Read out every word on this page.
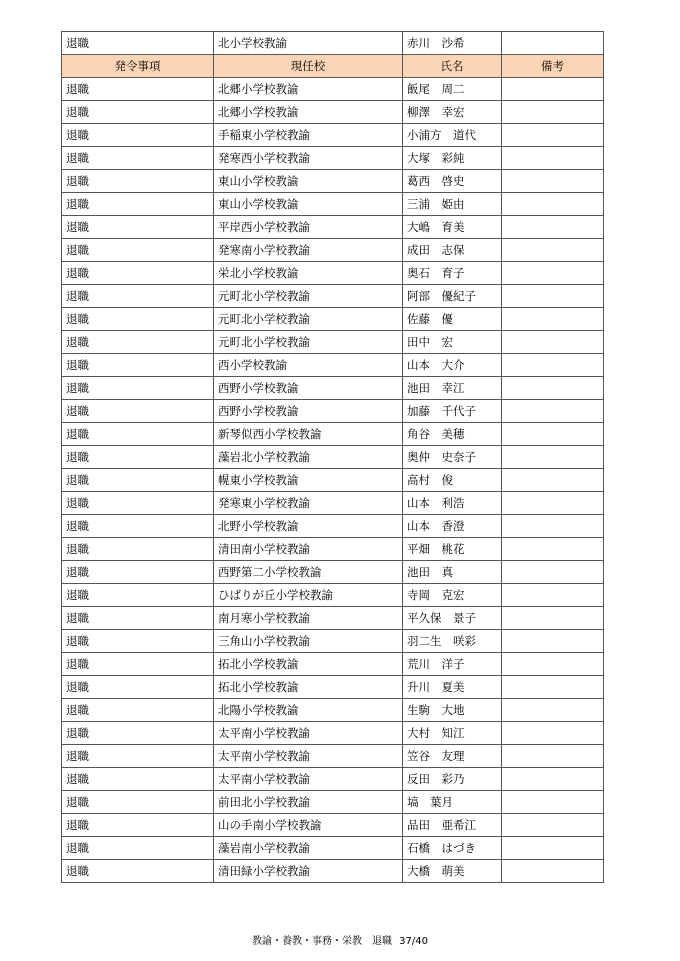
退職	北小学校教諭	赤川　沙希	
発令事項	現任校	氏名	備考
退職	北郷小学校教諭	飯尾　周二	
退職	北郷小学校教諭	柳澤　幸宏	
退職	手稲東小学校教諭	小浦方　道代	
退職	発寒西小学校教諭	大塚　彩純	
退職	東山小学校教諭	葛西　啓史	
退職	東山小学校教諭	三浦　姫由	
退職	平岸西小学校教諭	大嶋　育美	
退職	発寒南小学校教諭	成田　志保	
退職	栄北小学校教諭	奥石　育子	
退職	元町北小学校教諭	阿部　優紀子	
退職	元町北小学校教諭	佐藤　優	
退職	元町北小学校教諭	田中　宏	
退職	西小学校教諭	山本　大介	
退職	西野小学校教諭	池田　幸江	
退職	西野小学校教諭	加藤　千代子	
退職	新琴似西小学校教諭	角谷　美穂	
退職	藻岩北小学校教諭	奥仲　史奈子	
退職	幌東小学校教諭	高村　俊	
退職	発寒東小学校教諭	山本　利浩	
退職	北野小学校教諭	山本　香澄	
退職	清田南小学校教諭	平畑　桃花	
退職	西野第二小学校教諭	池田　真	
退職	ひばりが丘小学校教諭	寺岡　克宏	
退職	南月寒小学校教諭	平久保　景子	
退職	三角山小学校教諭	羽二生　咲彩	
退職	拓北小学校教諭	荒川　洋子	
退職	拓北小学校教諭	升川　夏美	
退職	北陽小学校教諭	生駒　大地	
退職	太平南小学校教諭	大村　知江	
退職	太平南小学校教諭	笠谷　友理	
退職	太平南小学校教諭	反田　彩乃	
退職	前田北小学校教諭	塙　葉月	
退職	山の手南小学校教諭	品田　亜希江	
退職	藻岩南小学校教諭	石橋　はづき	
退職	清田緑小学校教諭	大橋　萌美	
教諭・養教・事務・栄教　退職 37/40
